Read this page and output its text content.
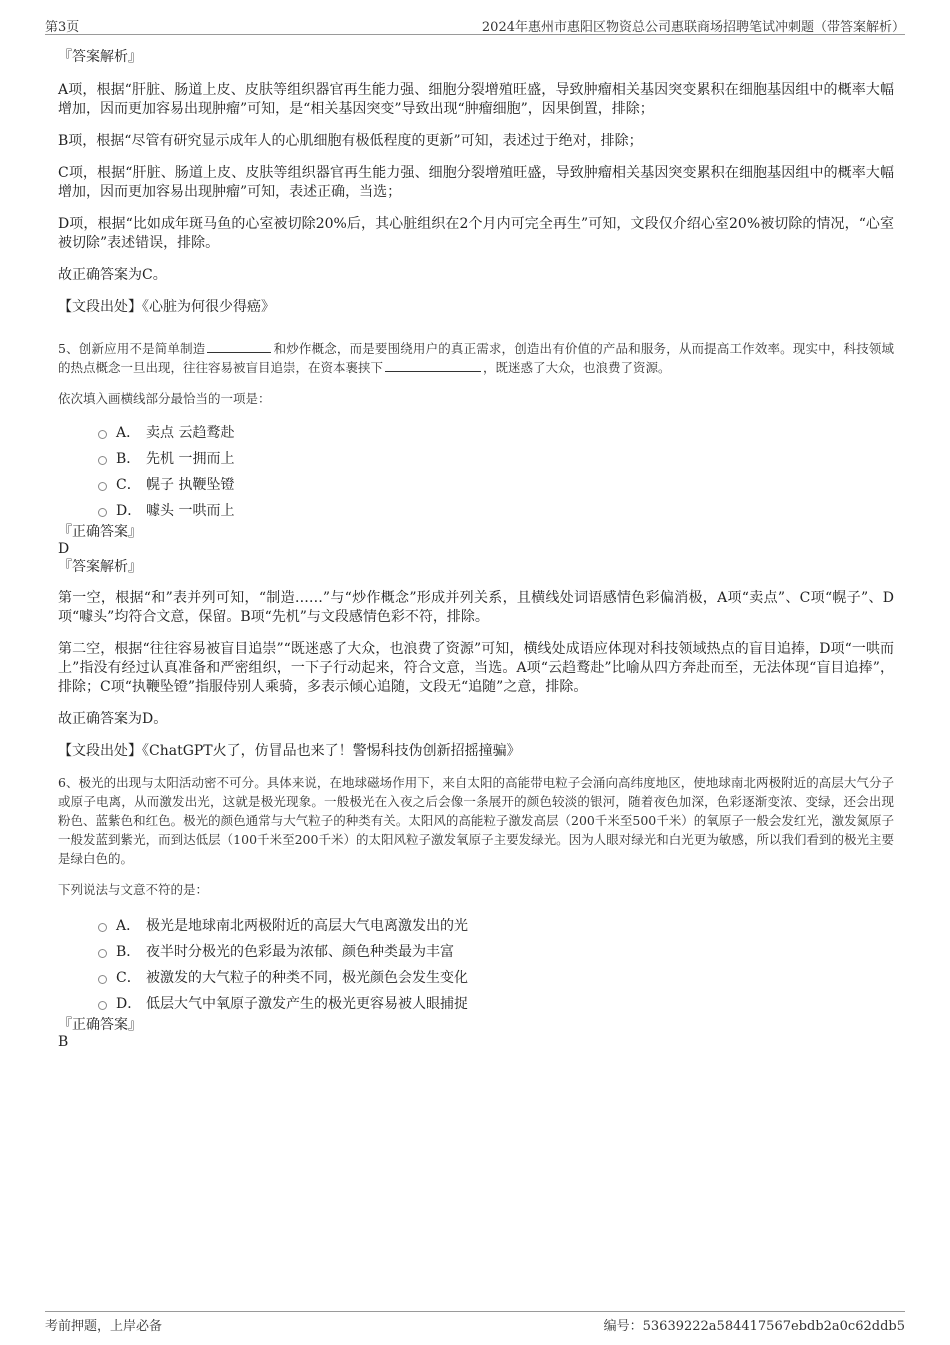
第3页	2024年惠州市惠阳区物资总公司惠联商场招聘笔试冲刺题（带答案解析）

『答案解析』

A项，根据“肝脏、肠道上皮、皮肤等组织器官再生能力强、细胞分裂增殖旺盛，导致肿瘤相关基因突变累积在细胞基因组中的概率大幅增加，因而更加容易出现肿瘤”可知，是“相关基因突变”导致出现“肿瘤细胞”，因果倒置，排除；

B项，根据“尽管有研究显示成年人的心肌细胞有极低程度的更新”可知，表述过于绝对，排除；

C项，根据“肝脏、肠道上皮、皮肤等组织器官再生能力强、细胞分裂增殖旺盛，导致肿瘤相关基因突变累积在细胞基因组中的概率大幅增加，因而更加容易出现肿瘤”可知，表述正确，当选；

D项，根据“比如成年斑马鱼的心室被切除20%后，其心脏组织在2个月内可完全再生”可知，文段仅介绍心室20%被切除的情况，“心室被切除”表述错误，排除。

故正确答案为C。

【文段出处】《心脏为何很少得癌》

5、创新应用不是简单制造	和炒作概念，而是要围绕用户的真正需求，创造出有价值的产品和服务，从而提高工作效率。现实中，科技领域的热点概念一旦出现，往往容易被盲目追崇，在资本裹挟下	，既迷惑了大众，也浪费了资源。

依次填入画横线部分最恰当的一项是：

A． 卖点 云趋鹜赴
B． 先机 一拥而上
C． 幌子 执鞭坠镫
D． 噱头 一哄而上

『正确答案』

D

『答案解析』

第一空，根据“和”表并列可知，“制造……”与“炒作概念”形成并列关系，且横线处词语感情色彩偏消极，A项“卖点”、C项“幌子”、D项“噱头”均符合文意，保留。B项“先机”与文段感情色彩不符，排除。

第二空，根据“往往容易被盲目追崇”“既迷惑了大众，也浪费了资源”可知，横线处成语应体现对科技领域热点的盲目追捧，D项“一哄而上”指没有经过认真准备和严密组织，一下子行动起来，符合文意，当选。A项“云趋鹜赴”比喻从四方奔赴而至，无法体现“盲目追捧”，排除；C项“执鞭坠镫”指服侍别人乘骑，多表示倾心追随，文段无“追随”之意，排除。

故正确答案为D。

【文段出处】《ChatGPT火了，仿冒品也来了！警惕科技伪创新招摇撞骗》

6、极光的出现与太阳活动密不可分。具体来说，在地球磁场作用下，来自太阳的高能带电粒子会涌向高纬度地区，使地球南北两极附近的高层大气分子或原子电离，从而激发出光，这就是极光现象。一般极光在入夜之后会像一条展开的颜色较淡的银河，随着夜色加深，色彩逐渐变浓、变绿，还会出现粉色、蓝紫色和红色。极光的颜色通常与大气粒子的种类有关。太阳风的高能粒子激发高层（200千米至500千米）的氧原子一般会发红光，激发氮原子一般发蓝到紫光，而到达低层（100千米至200千米）的太阳风粒子激发氧原子主要发绿光。因为人眼对绿光和白光更为敏感，所以我们看到的极光主要是绿白色的。

下列说法与文意不符的是：

A． 极光是地球南北两极附近的高层大气电离激发出的光
B． 夜半时分极光的色彩最为浓郁、颜色种类最为丰富
C． 被激发的大气粒子的种类不同，极光颜色会发生变化
D． 低层大气中氧原子激发产生的极光更容易被人眼捕捉

『正确答案』

B

考前押题，上岸必备	编号：53639222a584417567ebdb2a0c62ddb5
